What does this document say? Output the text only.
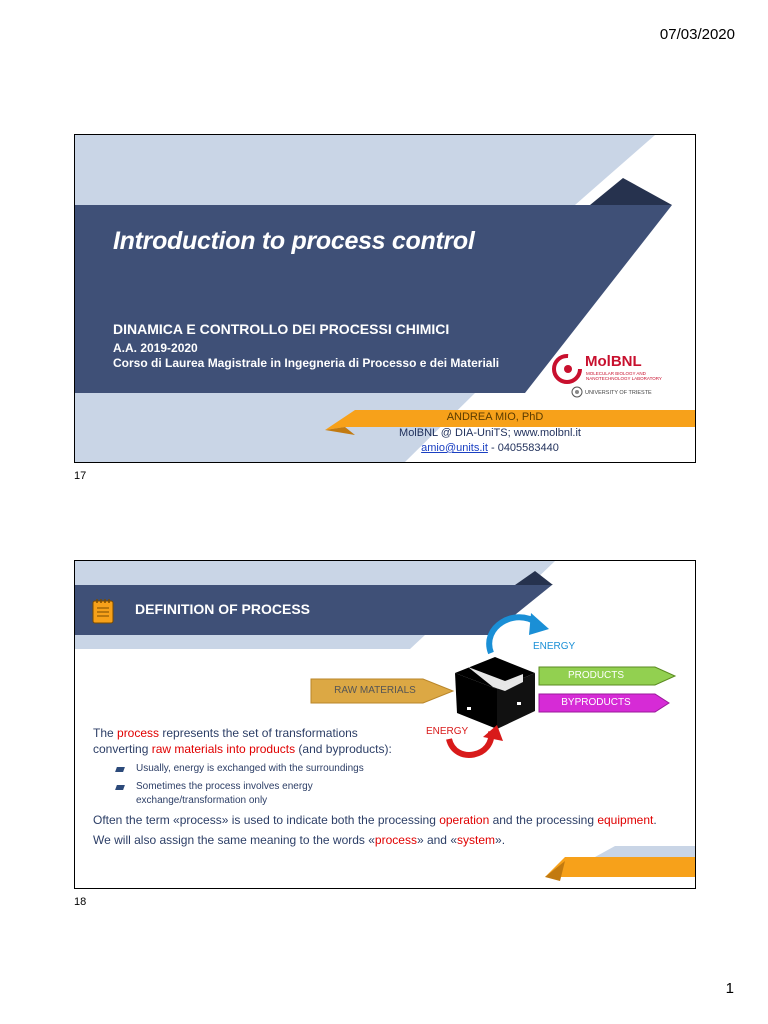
07/03/2020
Introduction to process control
DINAMICA E CONTROLLO DEI PROCESSI CHIMICI
A.A. 2019-2020
Corso di Laurea Magistrale in Ingegneria di Processo e dei Materiali	MolBNL
MOLECULAR BIOLOGY AND NANOTECHNOLOGY LABORATORY
UNIVERSITY OF TRIESTE
ANDREA MIO, PhD
MolBNL @ DIA-UniTS; www.molbnl.it
amio@units.it - 0405583440
17
DEFINITION OF PROCESS
ENERGY
RAW MATERIALS
PRODUCTS
BYPRODUCTS
ENERGY
The process represents the set of transformations
converting raw materials into products (and byproducts):
Usually, energy is exchanged with the surroundings
Sometimes the process involves energy
exchange/transformation only
Often the term «process» is used to indicate both the processing operation and the processing equipment.
We will also assign the same meaning to the words «process» and «system».
18
1
